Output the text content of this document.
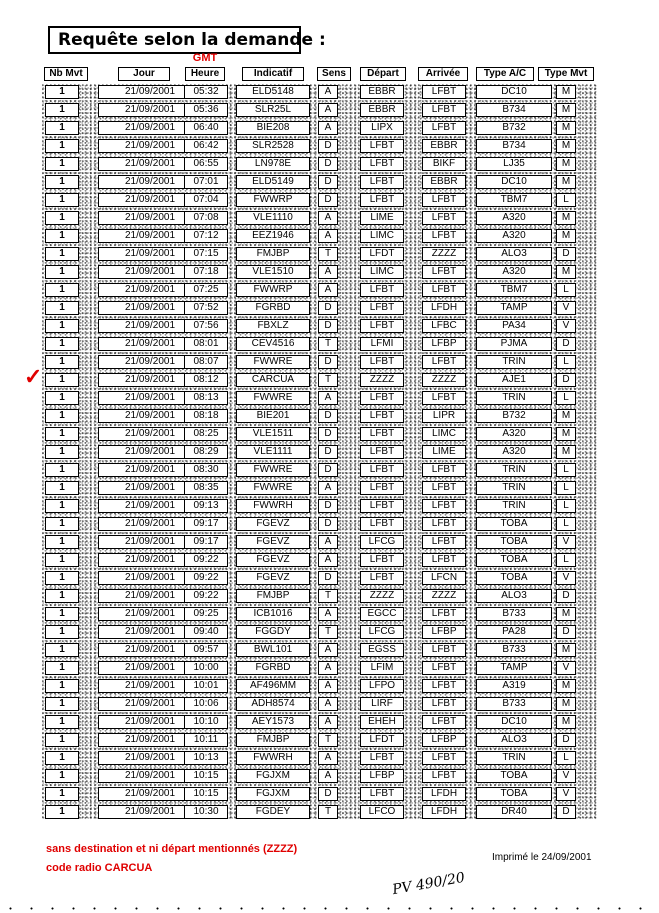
Requête selon la demande :
GMT
Nb Mvt	Jour	Heure	Indicatif	Sens	Départ	Arrivée	Type A/C	Type Mvt
1	21/09/2001	05:32	ELD5148	A	EBBR	LFBT	DC10	M
1	21/09/2001	05:36	SLR25L	A	EBBR	LFBT	B734	M
1	21/09/2001	06:40	BIE208	A	LIPX	LFBT	B732	M
1	21/09/2001	06:42	SLR2528	D	LFBT	EBBR	B734	M
1	21/09/2001	06:55	LN978E	D	LFBT	BIKF	LJ35	M
1	21/09/2001	07:01	ELD5149	D	LFBT	EBBR	DC10	M
1	21/09/2001	07:04	FWWRP	D	LFBT	LFBT	TBM7	L
1	21/09/2001	07:08	VLE1110	A	LIME	LFBT	A320	M
1	21/09/2001	07:12	EEZ1946	A	LIMC	LFBT	A320	M
1	21/09/2001	07:15	FMJBP	T	LFDT	ZZZZ	ALO3	D
1	21/09/2001	07:18	VLE1510	A	LIMC	LFBT	A320	M
1	21/09/2001	07:25	FWWRP	A	LFBT	LFBT	TBM7	L
1	21/09/2001	07:52	FGRBD	D	LFBT	LFDH	TAMP	V
1	21/09/2001	07:56	FBXLZ	D	LFBT	LFBC	PA34	V
1	21/09/2001	08:01	CEV4516	T	LFMI	LFBP	PJMA	D
1	21/09/2001	08:07	FWWRE	D	LFBT	LFBT	TRIN	L
1	21/09/2001	08:12	CARCUA	T	ZZZZ	ZZZZ	AJE1	D
1	21/09/2001	08:13	FWWRE	A	LFBT	LFBT	TRIN	L
1	21/09/2001	08:18	BIE201	D	LFBT	LIPR	B732	M
1	21/09/2001	08:25	VLE1511	D	LFBT	LIMC	A320	M
1	21/09/2001	08:29	VLE1111	D	LFBT	LIME	A320	M
1	21/09/2001	08:30	FWWRE	D	LFBT	LFBT	TRIN	L
1	21/09/2001	08:35	FWWRE	A	LFBT	LFBT	TRIN	L
1	21/09/2001	09:13	FWWRH	D	LFBT	LFBT	TRIN	L
1	21/09/2001	09:17	FGEVZ	D	LFBT	LFBT	TOBA	L
1	21/09/2001	09:17	FGEVZ	A	LFCG	LFBT	TOBA	V
1	21/09/2001	09:22	FGEVZ	A	LFBT	LFBT	TOBA	L
1	21/09/2001	09:22	FGEVZ	D	LFBT	LFCN	TOBA	V
1	21/09/2001	09:22	FMJBP	T	ZZZZ	ZZZZ	ALO3	D
1	21/09/2001	09:25	ICB1016	A	EGCC	LFBT	B733	M
1	21/09/2001	09:40	FGGDY	T	LFCG	LFBP	PA28	D
1	21/09/2001	09:57	BWL101	A	EGSS	LFBT	B733	M
1	21/09/2001	10:00	FGRBD	A	LFIM	LFBT	TAMP	V
1	21/09/2001	10:01	AF496MM	A	LFPO	LFBT	A319	M
1	21/09/2001	10:06	ADH8574	A	LIRF	LFBT	B733	M
1	21/09/2001	10:10	AEY1573	A	EHEH	LFBT	DC10	M
1	21/09/2001	10:11	FMJBP	T	LFDT	LFBP	ALO3	D
1	21/09/2001	10:13	FWWRH	A	LFBT	LFBT	TRIN	L
1	21/09/2001	10:15	FGJXM	A	LFBP	LFBT	TOBA	V
1	21/09/2001	10:15	FGJXM	D	LFBT	LFDH	TOBA	V
1	21/09/2001	10:30	FGDEY	T	LFCO	LFDH	DR40	D
✓
sans destination et ni départ mentionnés (ZZZZ)
code radio CARCUA
Imprimé le 24/09/2001
PV 490/20
